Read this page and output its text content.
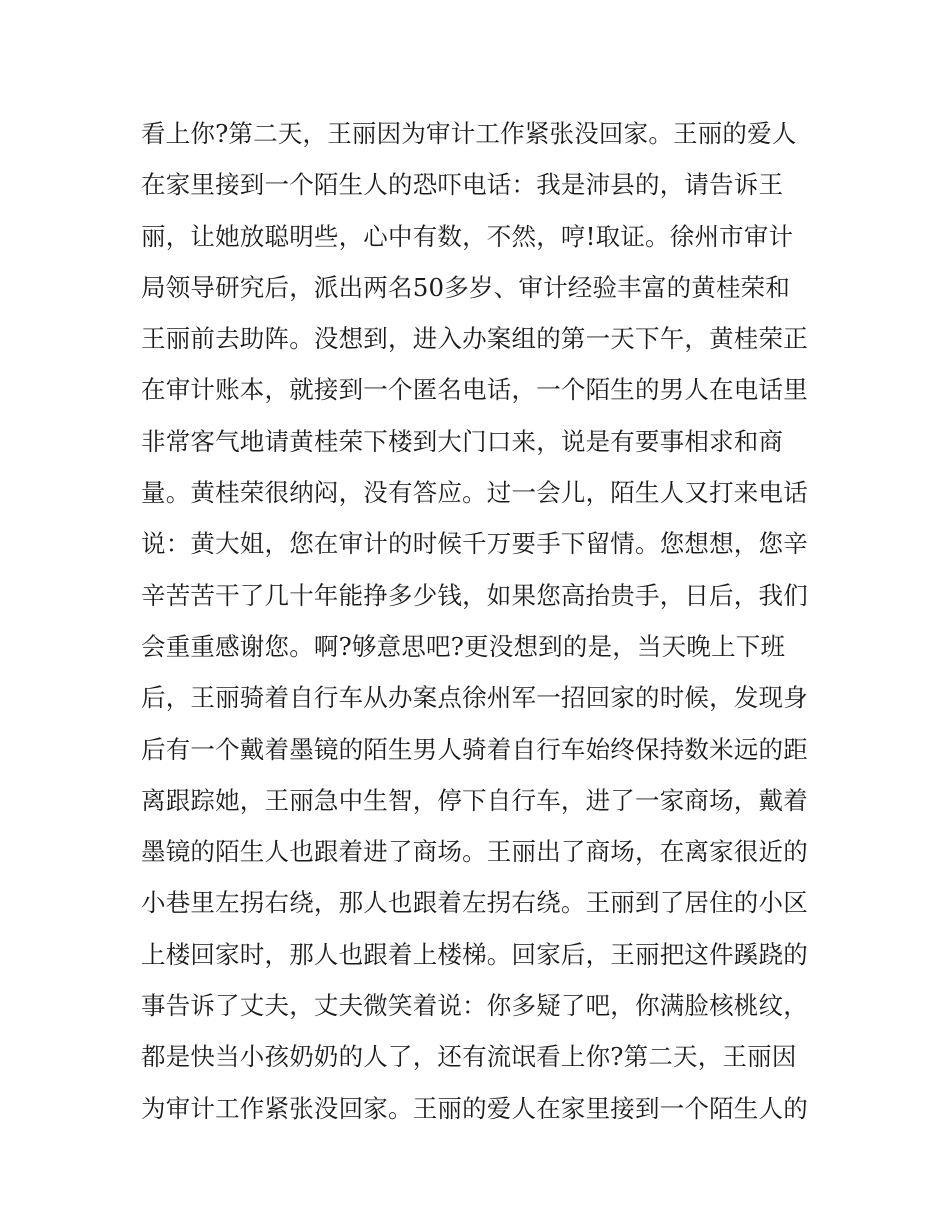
看上你?第二天，王丽因为审计工作紧张没回家。王丽的爱人
在家里接到一个陌生人的恐吓电话：我是沛县的，请告诉王
丽，让她放聪明些，心中有数，不然，哼!取证。徐州市审计
局领导研究后，派出两名50多岁、审计经验丰富的黄桂荣和
王丽前去助阵。没想到，进入办案组的第一天下午，黄桂荣正
在审计账本，就接到一个匿名电话，一个陌生的男人在电话里
非常客气地请黄桂荣下楼到大门口来，说是有要事相求和商
量。黄桂荣很纳闷，没有答应。过一会儿，陌生人又打来电话
说：黄大姐，您在审计的时候千万要手下留情。您想想，您辛
辛苦苦干了几十年能挣多少钱，如果您高抬贵手，日后，我们
会重重感谢您。啊?够意思吧?更没想到的是，当天晚上下班
后，王丽骑着自行车从办案点徐州军一招回家的时候，发现身
后有一个戴着墨镜的陌生男人骑着自行车始终保持数米远的距
离跟踪她，王丽急中生智，停下自行车，进了一家商场，戴着
墨镜的陌生人也跟着进了商场。王丽出了商场，在离家很近的
小巷里左拐右绕，那人也跟着左拐右绕。王丽到了居住的小区
上楼回家时，那人也跟着上楼梯。回家后，王丽把这件蹊跷的
事告诉了丈夫，丈夫微笑着说：你多疑了吧，你满脸核桃纹，
都是快当小孩奶奶的人了，还有流氓看上你?第二天，王丽因
为审计工作紧张没回家。王丽的爱人在家里接到一个陌生人的
